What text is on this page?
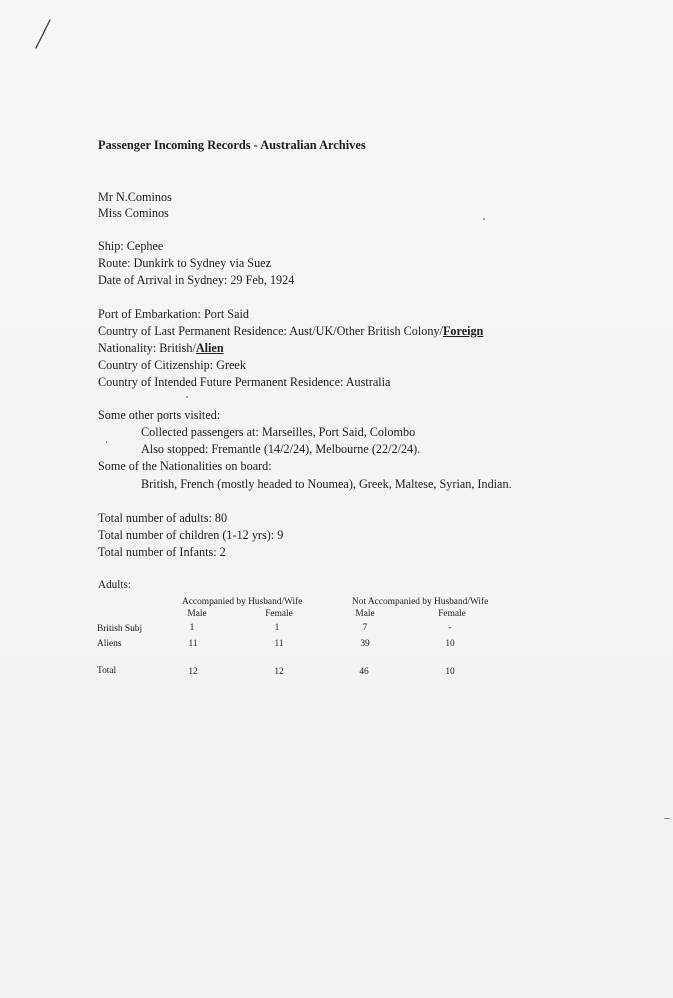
Passenger Incoming Records - Australian Archives
Mr N.Cominos
Miss Cominos
Ship: Cephee
Route: Dunkirk to Sydney via Suez
Date of Arrival in Sydney: 29 Feb, 1924
Port of Embarkation: Port Said
Country of Last Permanent Residence: Aust/UK/Other British Colony/Foreign
Nationality: British/Alien
Country of Citizenship: Greek
Country of Intended Future Permanent Residence: Australia
Some other ports visited:
Collected passengers at: Marseilles, Port Said, Colombo
Also stopped: Fremantle (14/2/24), Melbourne (22/2/24).
Some of the Nationalities on board:
British, French (mostly headed to Noumea), Greek, Maltese, Syrian, Indian.
Total number of adults: 80
Total number of children (1-12 yrs): 9
Total number of Infants: 2
Adults:
Accompanied by Husband/Wife	Not Accompanied by Husband/Wife
Male	Female	Male	Female
British Subj	1	1	7	-
Aliens	11	11	39	10
Total	12	12	46	10
